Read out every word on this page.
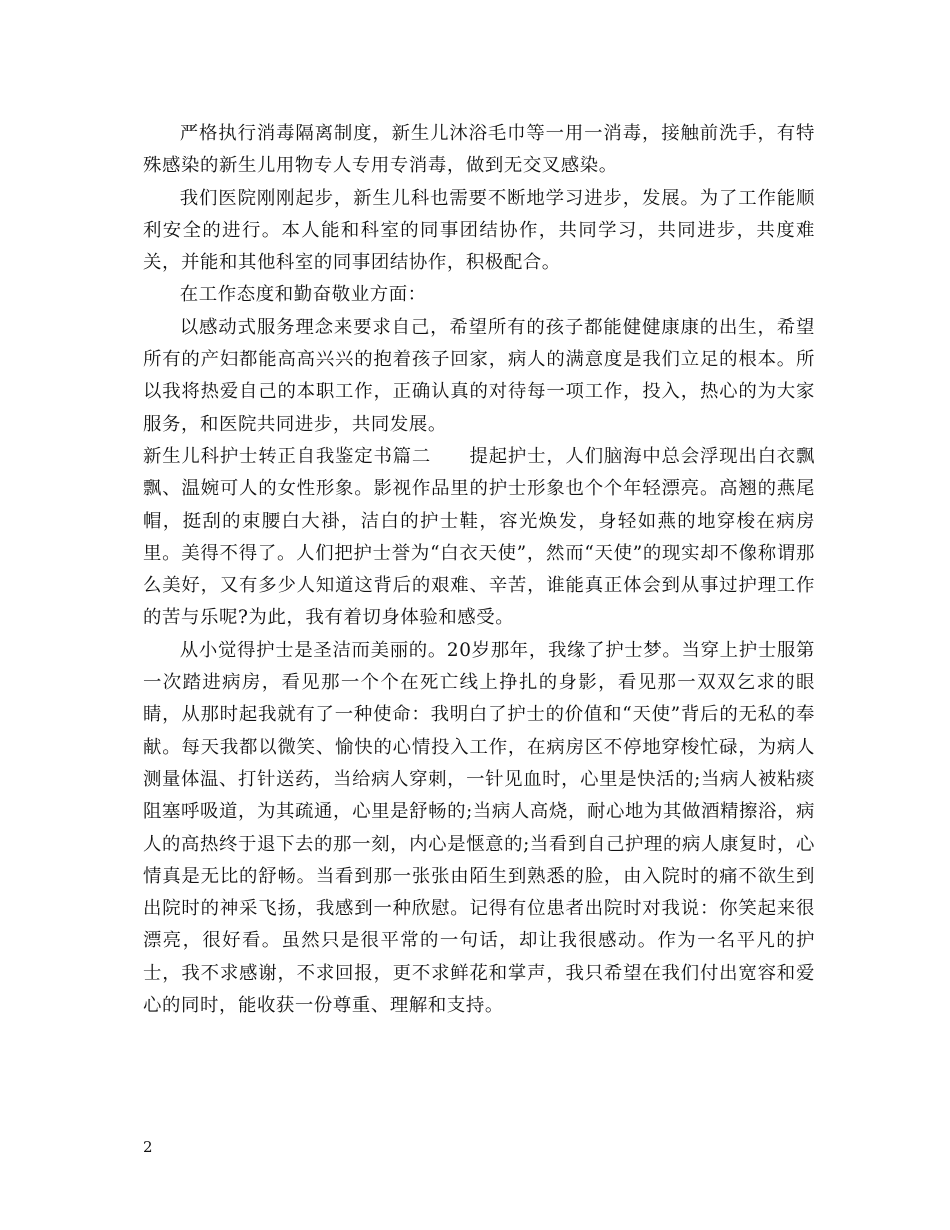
严格执行消毒隔离制度，新生儿沐浴毛巾等一用一消毒，接触前洗手，有特殊感染的新生儿用物专人专用专消毒，做到无交叉感染。

我们医院刚刚起步，新生儿科也需要不断地学习进步，发展。为了工作能顺利安全的进行。本人能和科室的同事团结协作，共同学习，共同进步，共度难关，并能和其他科室的同事团结协作，积极配合。

在工作态度和勤奋敬业方面：

以感动式服务理念来要求自己，希望所有的孩子都能健健康康的出生，希望所有的产妇都能高高兴兴的抱着孩子回家，病人的满意度是我们立足的根本。所以我将热爱自己的本职工作，正确认真的对待每一项工作，投入，热心的为大家服务，和医院共同进步，共同发展。

新生儿科护士转正自我鉴定书篇二　　提起护士，人们脑海中总会浮现出白衣飘飘、温婉可人的女性形象。影视作品里的护士形象也个个年轻漂亮。高翘的燕尾帽，挺刮的束腰白大褂，洁白的护士鞋，容光焕发，身轻如燕的地穿梭在病房里。美得不得了。人们把护士誉为“白衣天使”，然而“天使”的现实却不像称谓那么美好，又有多少人知道这背后的艰难、辛苦，谁能真正体会到从事过护理工作的苦与乐呢?为此，我有着切身体验和感受。

从小觉得护士是圣洁而美丽的。20岁那年，我缘了护士梦。当穿上护士服第一次踏进病房，看见那一个个在死亡线上挣扎的身影，看见那一双双乞求的眼睛，从那时起我就有了一种使命：我明白了护士的价值和“天使”背后的无私的奉献。每天我都以微笑、愉快的心情投入工作，在病房区不停地穿梭忙碌，为病人测量体温、打针送药，当给病人穿刺，一针见血时，心里是快活的;当病人被粘痰阻塞呼吸道，为其疏通，心里是舒畅的;当病人高烧，耐心地为其做酒精擦浴，病人的高热终于退下去的那一刻，内心是惬意的;当看到自己护理的病人康复时，心情真是无比的舒畅。当看到那一张张由陌生到熟悉的脸，由入院时的痛不欲生到出院时的神采飞扬，我感到一种欣慰。记得有位患者出院时对我说：你笑起来很漂亮，很好看。虽然只是很平常的一句话，却让我很感动。作为一名平凡的护士，我不求感谢，不求回报，更不求鲜花和掌声，我只希望在我们付出宽容和爱 心的同时，能收获一份尊重、理解和支持。

2
